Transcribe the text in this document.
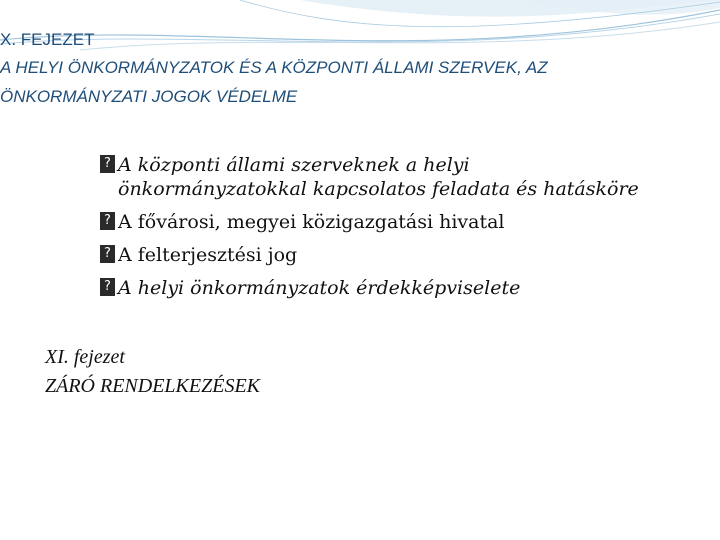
X. FEJEZET
A HELYI ÖNKORMÁNYZATOK ÉS A KÖZPONTI ÁLLAMI SZERVEK, AZ
ÖNKORMÁNYZATI JOGOK VÉDELME
? A központi állami szerveknek a helyi önkormányzatokkal kapcsolatos feladata és hatásköre
? A fővárosi, megyei közigazgatási hivatal
? A felterjesztési jog
? A helyi önkormányzatok érdekképviselete

XI. fejezet

ZÁRÓ RENDELKEZÉSEK
